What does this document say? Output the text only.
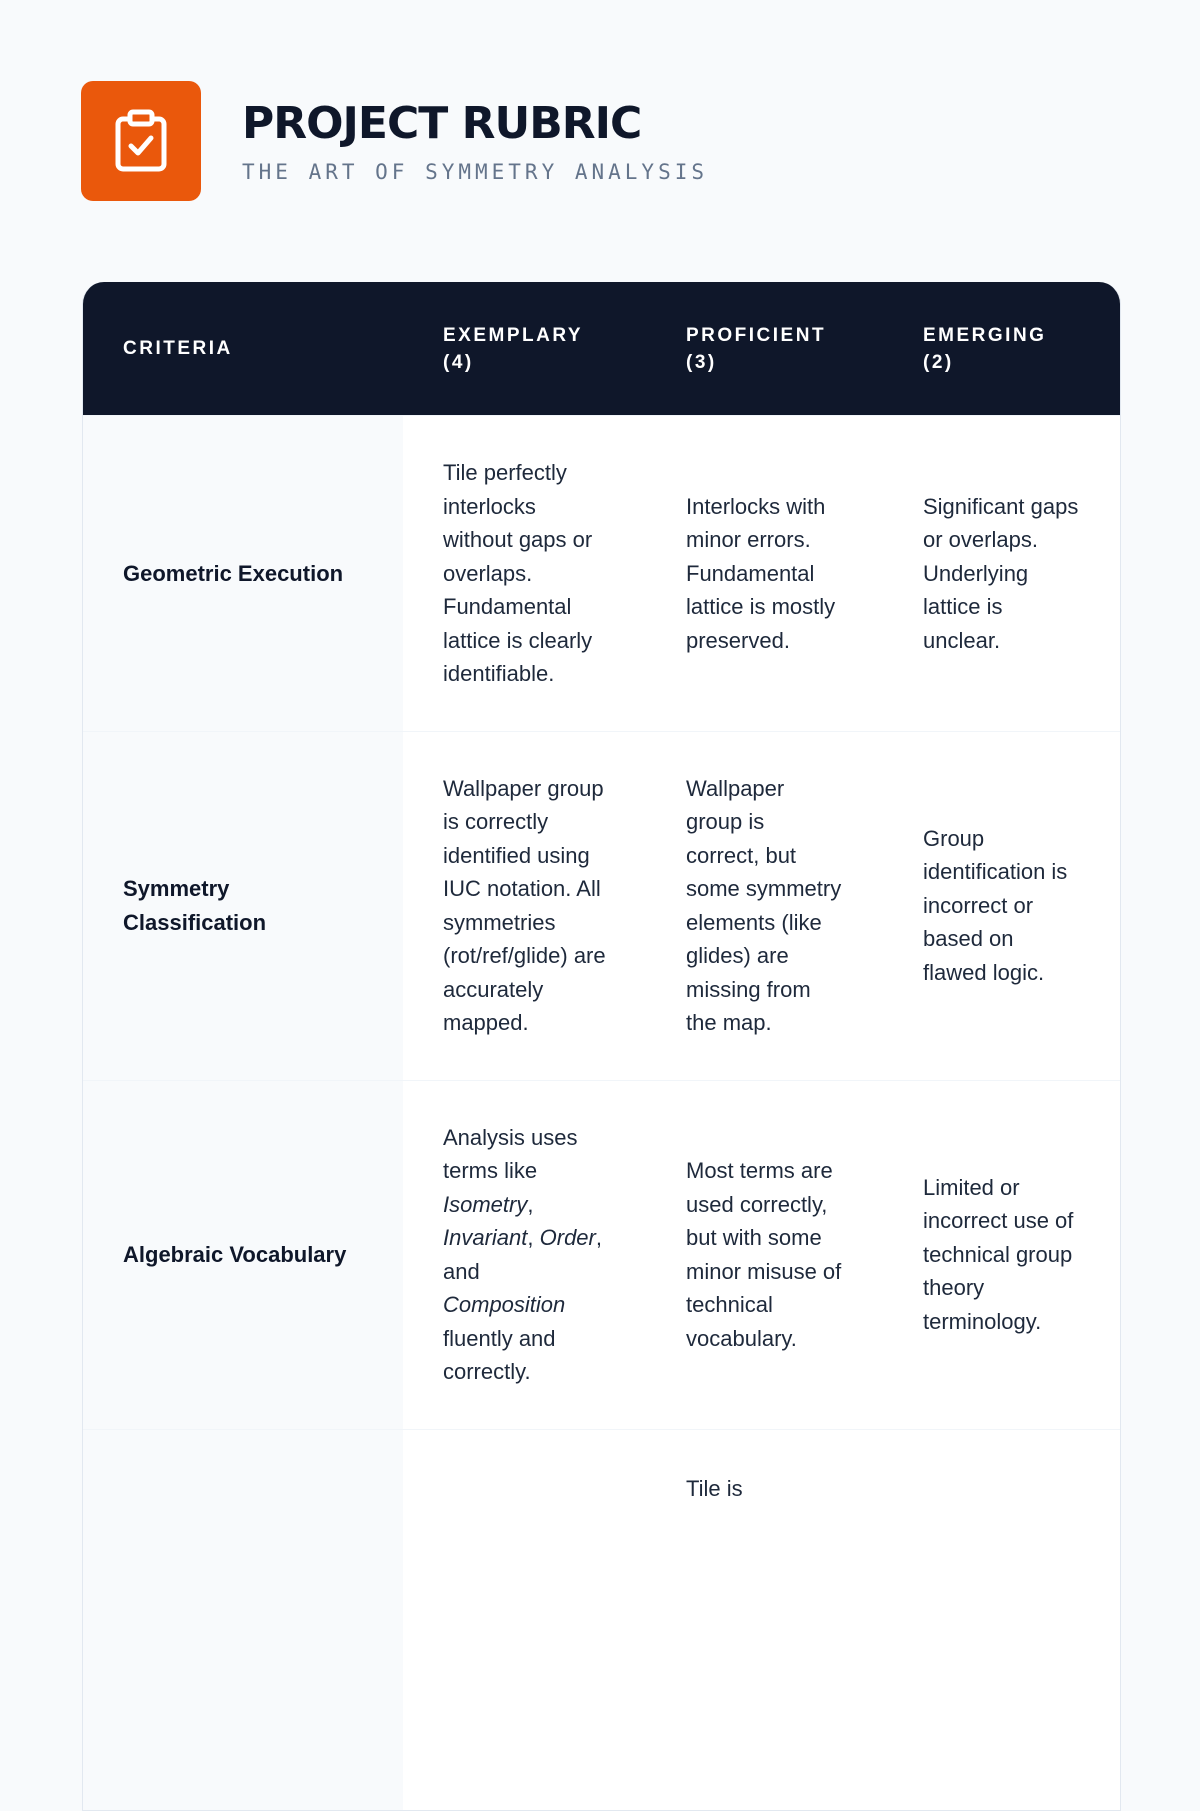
PROJECT RUBRIC
THE ART OF SYMMETRY ANALYSIS
CRITERIA	EXEMPLARY (4)	PROFICIENT (3)	EMERGING (2)
Geometric Execution	Tile perfectly interlocks without gaps or overlaps. Fundamental lattice is clearly identifiable.	Interlocks with minor errors. Fundamental lattice is mostly preserved.	Significant gaps or overlaps. Underlying lattice is unclear.
Symmetry Classification	Wallpaper group is correctly identified using IUC notation. All symmetries (rot/ref/glide) are accurately mapped.	Wallpaper group is correct, but some symmetry elements (like glides) are missing from the map.	Group identification is incorrect or based on flawed logic.
Algebraic Vocabulary	Analysis uses terms like Isometry, Invariant, Order, and Composition fluently and correctly.	Most terms are used correctly, but with some minor misuse of technical vocabulary.	Limited or incorrect use of technical group theory terminology.
		Tile is	
